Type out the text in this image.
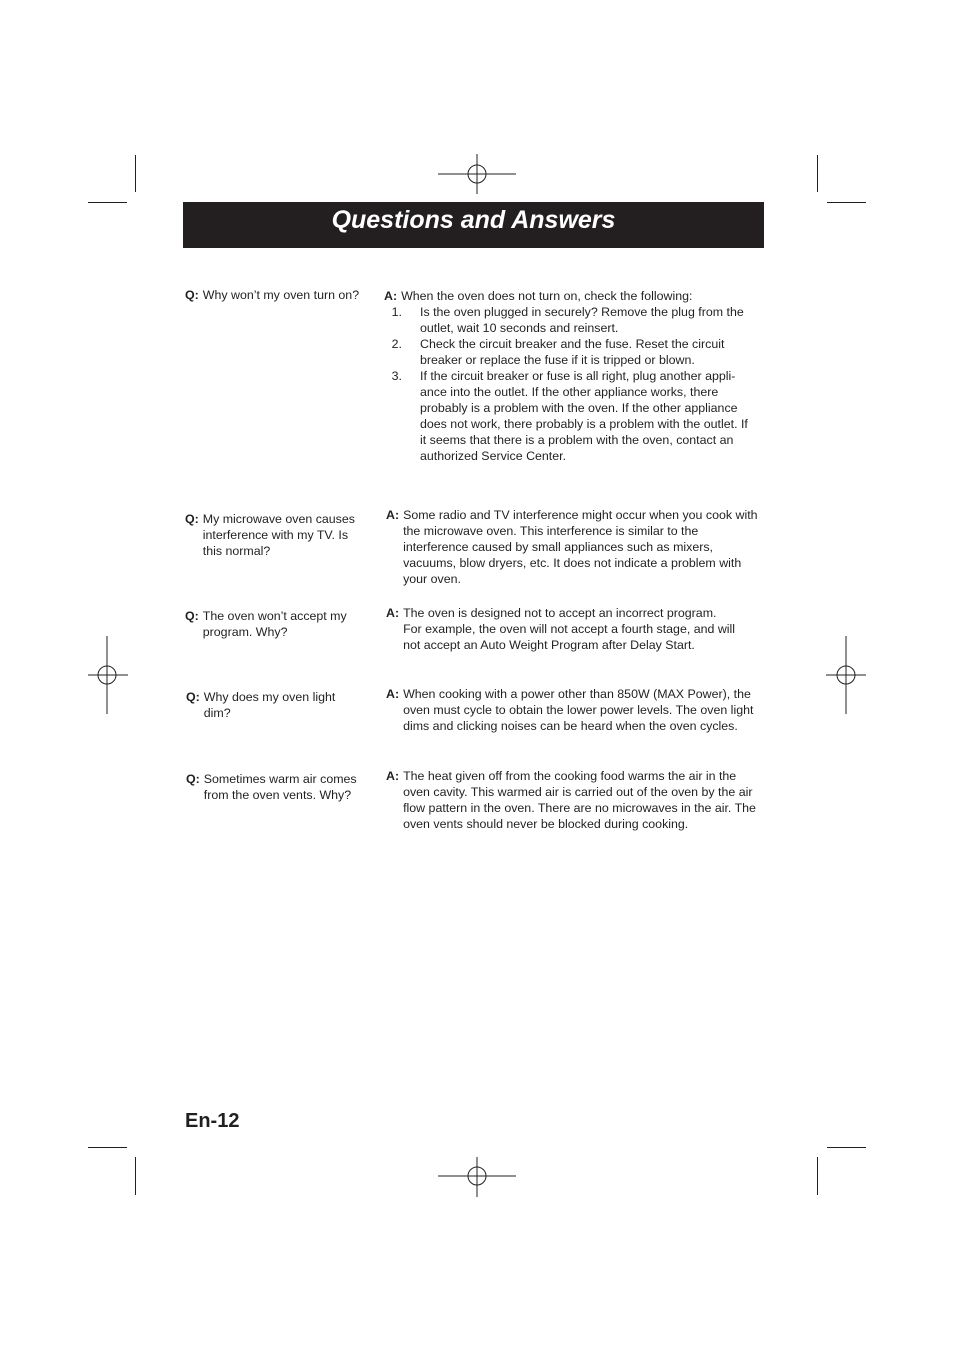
Questions and Answers
Q: Why won’t my oven turn on?	A: When the oven does not turn on, check the following:
1.	Is the oven plugged in securely? Remove the plug from the outlet, wait 10 seconds and reinsert.
2.	Check the circuit breaker and the fuse. Reset the circuit breaker or replace the fuse if it is tripped or blown.
3.	If the circuit breaker or fuse is all right, plug another appli- ance into the outlet. If the other appliance works, there probably is a problem with the oven. If the other appliance does not work, there probably is a problem with the outlet. If it seems that there is a problem with the oven, contact an authorized Service Center.
Q: My microwave oven causes interference with my TV. Is this normal?
A: Some radio and TV interference might occur when you cook with the microwave oven. This interference is similar to the interference caused by small appliances such as mixers, vacuums, blow dryers, etc. It does not indicate a problem with your oven.
Q: The oven won’t accept my program. Why?
A: The oven is designed not to accept an incorrect program. For example, the oven will not accept a fourth stage, and will not accept an Auto Weight Program after Delay Start.
Q: Why does my oven light dim?
A: When cooking with a power other than 850W (MAX Power), the oven must cycle to obtain the lower power levels. The oven light dims and clicking noises can be heard when the oven cycles.
Q: Sometimes warm air comes from the oven vents. Why?
A: The heat given off from the cooking food warms the air in the oven cavity. This warmed air is carried out of the oven by the air flow pattern in the oven. There are no microwaves in the air. The oven vents should never be blocked during cooking.

En-12
